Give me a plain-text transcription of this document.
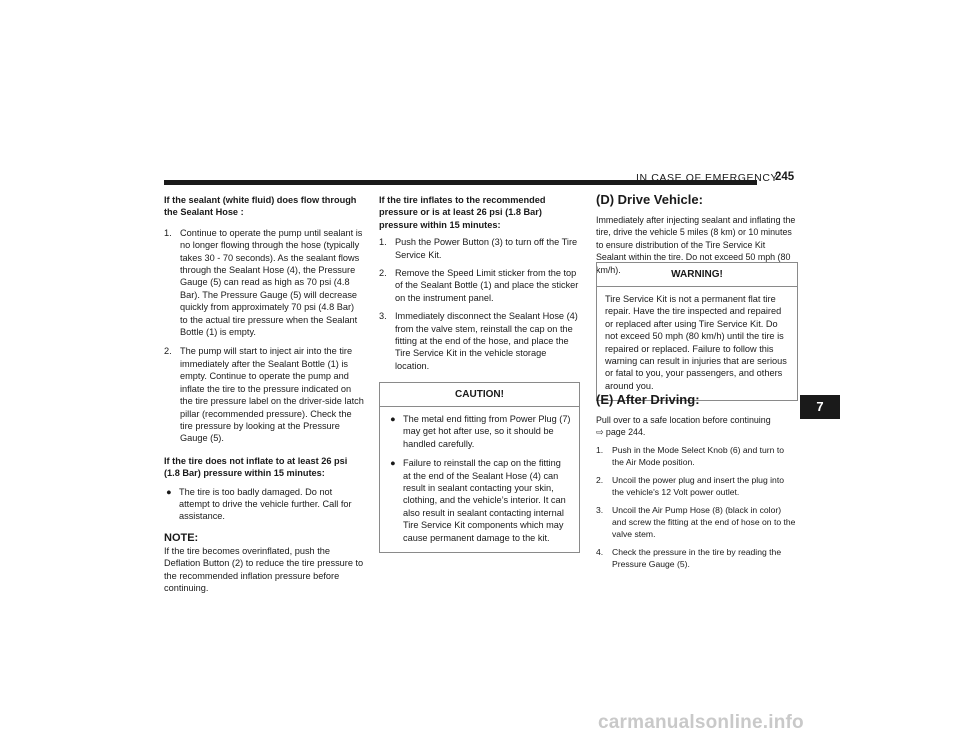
IN CASE OF EMERGENCY
245

If the sealant (white fluid) does flow through the Sealant Hose :

1. Continue to operate the pump until sealant is no longer flowing through the hose (typically takes 30 - 70 seconds). As the sealant flows through the Sealant Hose (4), the Pressure Gauge (5) can read as high as 70 psi (4.8 Bar). The Pressure Gauge (5) will decrease quickly from approximately 70 psi (4.8 Bar) to the actual tire pressure when the Sealant Bottle (1) is empty.
2. The pump will start to inject air into the tire immediately after the Sealant Bottle (1) is empty. Continue to operate the pump and inflate the tire to the pressure indicated on the tire pressure label on the driver-side latch pillar (recommended pressure). Check the tire pressure by looking at the Pressure Gauge (5).

If the tire does not inflate to at least 26 psi (1.8 Bar) pressure within 15 minutes:

● The tire is too badly damaged. Do not attempt to drive the vehicle further. Call for assistance.

NOTE:

If the tire becomes overinflated, push the Deflation Button (2) to reduce the tire pressure to the recommended inflation pressure before continuing.

If the tire inflates to the recommended pressure or is at least 26 psi (1.8 Bar) pressure within 15 minutes:

1. Push the Power Button (3) to turn off the Tire Service Kit.
2. Remove the Speed Limit sticker from the top of the Sealant Bottle (1) and place the sticker on the instrument panel.
3. Immediately disconnect the Sealant Hose (4) from the valve stem, reinstall the cap on the fitting at the end of the hose, and place the Tire Service Kit in the vehicle storage location.
CAUTION!
● The metal end fitting from Power Plug (7) may get hot after use, so it should be handled carefully.
● Failure to reinstall the cap on the fitting at the end of the Sealant Hose (4) can result in sealant contacting your skin, clothing, and the vehicle’s interior. It can also result in sealant contacting internal Tire Service Kit components which may cause permanent damage to the kit.

(D) Drive Vehicle:

Immediately after injecting sealant and inflating the tire, drive the vehicle 5 miles (8 km) or 10 minutes to ensure distribution of the Tire Service Kit Sealant within the tire. Do not exceed 50 mph (80 km/h).	WARNING!
Tire Service Kit is not a permanent flat tire repair. Have the tire inspected and repaired or replaced after using Tire Service Kit. Do not exceed 50 mph (80 km/h) until the tire is repaired or replaced. Failure to follow this warning can result in injuries that are serious or fatal to you, your passengers, and others around you.

(E) After Driving:

Pull over to a safe location before continuing
⇨ page 244.

1. Push in the Mode Select Knob (6) and turn to the Air Mode position.
2. Uncoil the power plug and insert the plug into the vehicle's 12 Volt power outlet.
3. Uncoil the Air Pump Hose (8) (black in color) and screw the fitting at the end of hose on to the valve stem.
4. Check the pressure in the tire by reading the Pressure Gauge (5).
7
carmanualsonline.info
